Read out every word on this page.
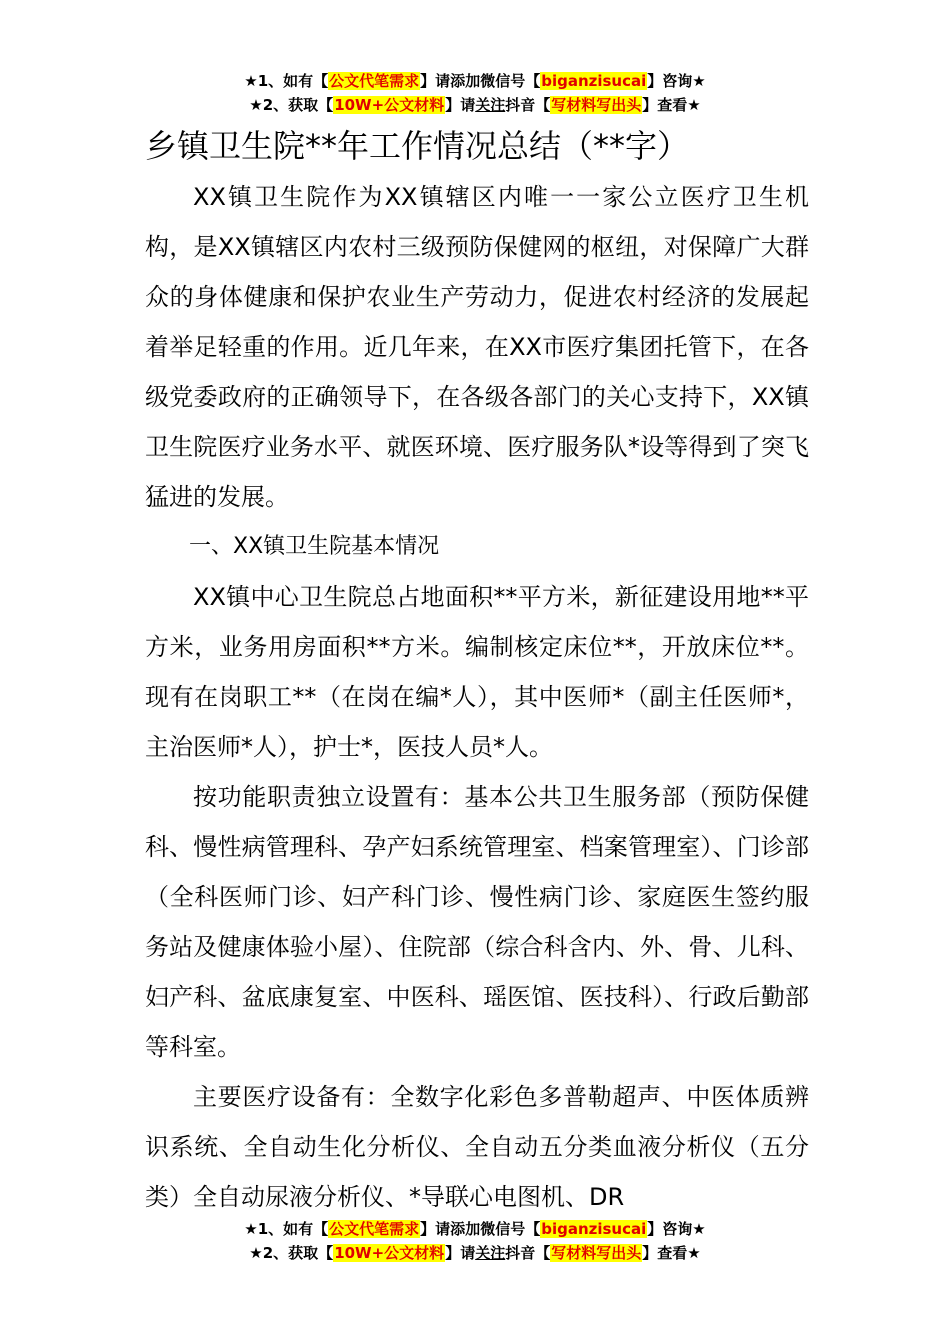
★1、如有【公文代笔需求】请添加微信号【biganzisucai】咨询★
★2、获取【10W+公文材料】请关注抖音【写材料写出头】查看★
乡镇卫生院**年工作情况总结（**字）

XX镇卫生院作为XX镇辖区内唯一一家公立医疗卫生机构，是XX镇辖区内农村三级预防保健网的枢纽，对保障广大群众的身体健康和保护农业生产劳动力，促进农村经济的发展起着举足轻重的作用。近几年来，在XX市医疗集团托管下，在各级党委政府的正确领导下，在各级各部门的关心支持下，XX镇卫生院医疗业务水平、就医环境、医疗服务队*设等得到了突飞猛进的发展。

一、XX镇卫生院基本情况

XX镇中心卫生院总占地面积**平方米，新征建设用地**平方米，业务用房面积**方米。编制核定床位**，开放床位**。现有在岗职工**（在岗在编*人），其中医师*（副主任医师*，主治医师*人），护士*，医技人员*人。

按功能职责独立设置有：基本公共卫生服务部（预防保健科、慢性病管理科、孕产妇系统管理室、档案管理室）、门诊部（全科医师门诊、妇产科门诊、慢性病门诊、家庭医生签约服务站及健康体验小屋）、住院部（综合科含内、外、骨、儿科、妇产科、盆底康复室、中医科、瑶医馆、医技科）、行政后勤部等科室。

主要医疗设备有：全数字化彩色多普勒超声、中医体质辨识系统、全自动生化分析仪、全自动五分类血液分析仪（五分类）全自动尿液分析仪、*导联心电图机、DR

★1、如有【公文代笔需求】请添加微信号【biganzisucai】咨询★
★2、获取【10W+公文材料】请关注抖音【写材料写出头】查看★
